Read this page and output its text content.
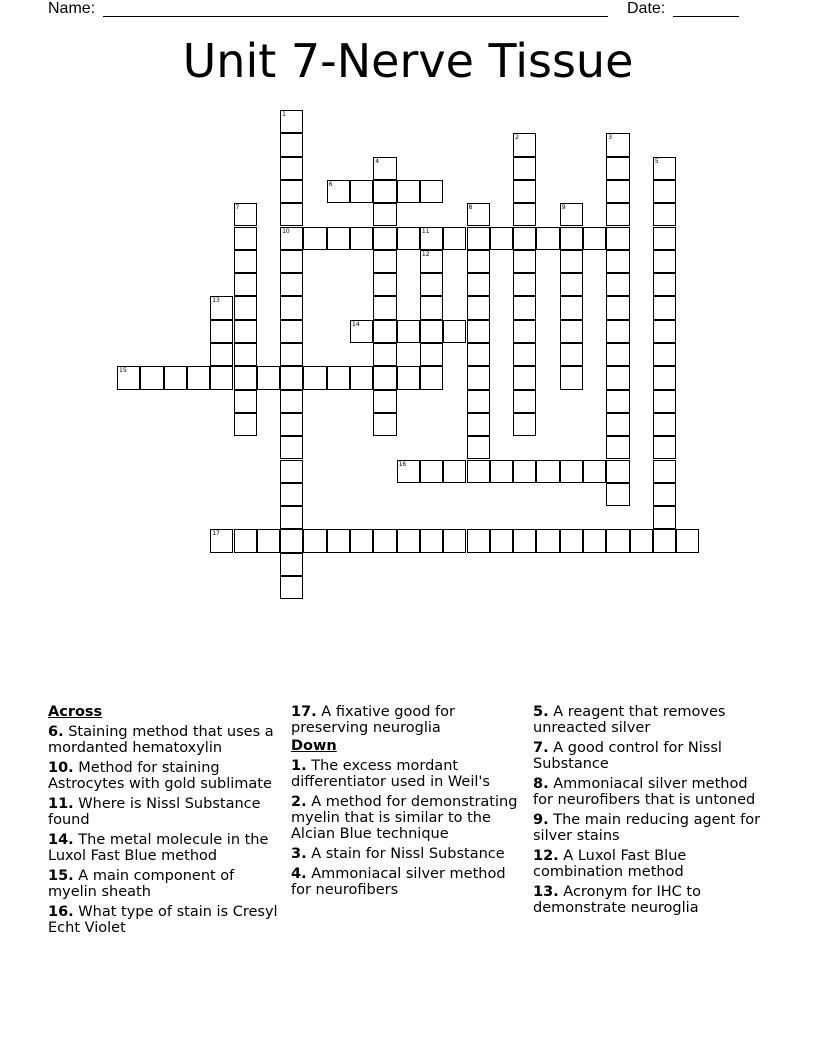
Name:	Date:
Unit 7-Nerve Tissue
6
10	11
14
15
16
17
1
2	3
4	5
7	8	9
12
13
Across
6. Staining method that uses a mordanted hematoxylin
10. Method for staining Astrocytes with gold sublimate
11. Where is Nissl Substance found
14. The metal molecule in the Luxol Fast Blue method
15. A main component of myelin sheath
16. What type of stain is Cresyl Echt Violet
17. A fixative good for preserving neuroglia
Down
1. The excess mordant differentiator used in Weil's
2. A method for demonstrating myelin that is similar to the Alcian Blue technique
3. A stain for Nissl Substance
4. Ammoniacal silver method for neurofibers
5. A reagent that removes unreacted silver
7. A good control for Nissl Substance
8. Ammoniacal silver method for neurofibers that is untoned
9. The main reducing agent for silver stains
12. A Luxol Fast Blue combination method
13. Acronym for IHC to demonstrate neuroglia
